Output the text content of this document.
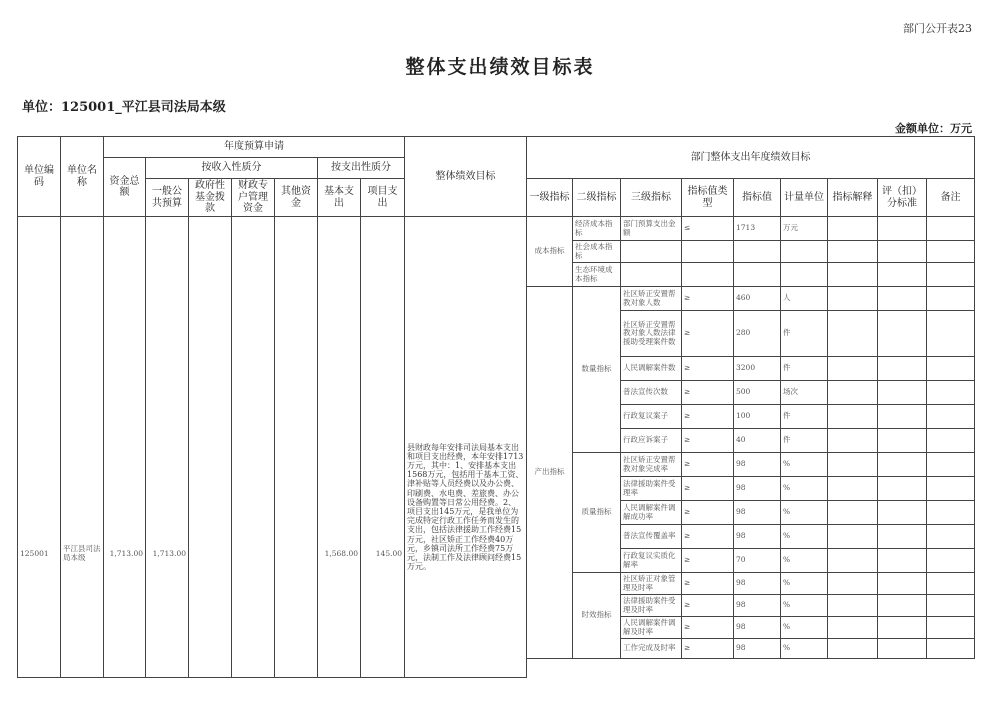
部门公开表23
整体支出绩效目标表
单位：125001_平江县司法局本级
金额单位：万元
单位编码	单位名称	年度预算申请							整体绩效目标
		资金总额	按收入性质分				按支出性质分		
			一般公共预算	政府性基金拨款	财政专户管理资金	其他资金	基本支出	项目支出	
125001	平江县司法局本级	1,713.00	1,713.00				1,568.00	145.00	县财政每年安排司法局基本支出和项目支出经费，本年安排1713万元，其中：1、安排基本支出1568万元，包括用于基本工资、津补贴等人员经费以及办公费、印刷费、水电费、差旅费、办公设备购置等日常公用经费。2、项目支出145万元，是我单位为完成特定行政工作任务而发生的支出，包括法律援助工作经费15万元，社区矫正工作经费40万元，乡镇司法所工作经费75万元，法制工作及法律顾问经费15万元。
部门整体支出年度绩效目标								
一级指标	二级指标	三级指标	指标值类型	指标值	计量单位	指标解释	评（扣）分标准	备注
成本指标	经济成本指标	部门预算支出金额	≤	1713	万元			
	社会成本指标							
	生态环境成本指标							
产出指标	数量指标	社区矫正安置帮教对象人数	≥	460	人			
		社区矫正安置帮教对象人数法律援助受理案件数	≥	280	件			
		人民调解案件数	≥	3200	件			
		普法宣传次数	≥	500	场次			
		行政复议案子	≥	100	件			
		行政应诉案子	≥	40	件			
	质量指标	社区矫正安置帮教对象完成率	≥	98	%			
		法律援助案件受理率	≥	98	%			
		人民调解案件调解成功率	≥	98	%			
		普法宣传覆盖率	≥	98	%			
		行政复议实质化解率	≥	70	%			
	时效指标	社区矫正对象管理及时率	≥	98	%			
		法律援助案件受理及时率	≥	98	%			
		人民调解案件调解及时率	≥	98	%			
		工作完成及时率	≥	98	%			
